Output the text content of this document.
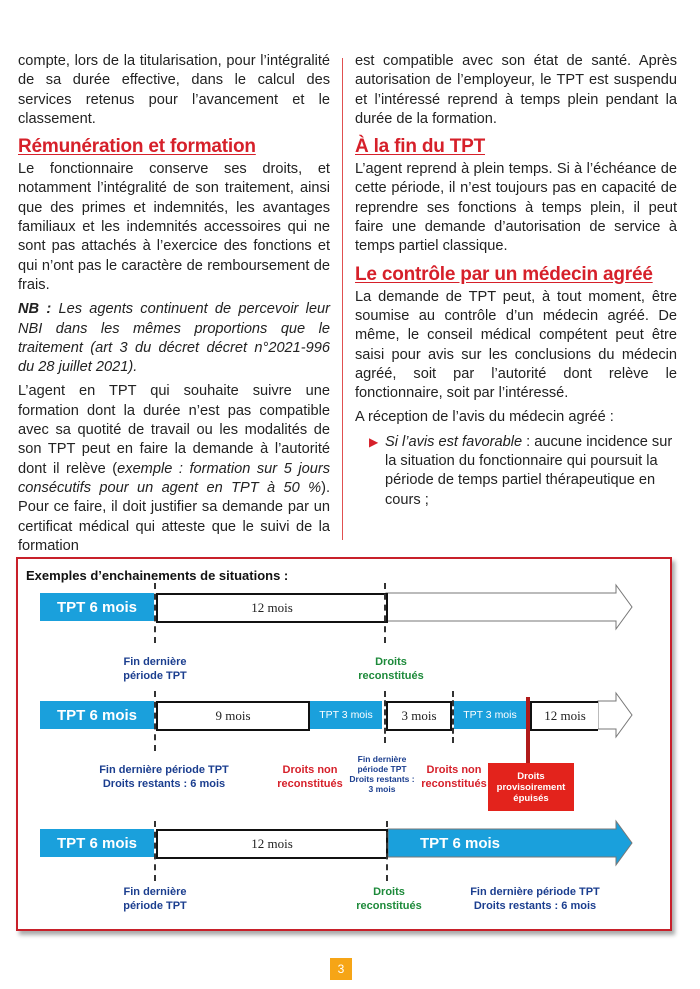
compte, lors de la titularisation, pour l’intégralité de sa durée effective, dans le calcul des services retenus pour l’avancement et le classement.

Rémunération et formation

Le fonctionnaire conserve ses droits, et notamment l’intégralité de son traitement, ainsi que des primes et indemnités, les avantages familiaux et les indemnités accessoires qui ne sont pas attachés à l’exercice des fonctions et qui n’ont pas le caractère de remboursement de frais.

NB : Les agents continuent de percevoir leur NBI dans les mêmes proportions que le traitement (art 3 du décret décret n°2021-996 du 28 juillet 2021).

L’agent en TPT qui souhaite suivre une formation dont la durée n’est pas compatible avec sa quotité de travail ou les modalités de son TPT peut en faire la demande à l’autorité dont il relève (exemple : formation sur 5 jours consécutifs pour un agent en TPT à 50 %). Pour ce faire, il doit justifier sa demande par un certificat médical qui atteste que le suivi de la formation

est compatible avec son état de santé. Après autorisation de l’employeur, le TPT est suspendu et l’intéressé reprend à temps plein pendant la durée de la formation.

À la fin du TPT

L’agent reprend à plein temps. Si à l’échéance de cette période, il n’est toujours pas en capacité de reprendre ses fonctions à temps plein, il peut faire une demande d’autorisation de service à temps partiel classique.

Le contrôle par un médecin agréé

La demande de TPT peut, à tout moment, être soumise au contrôle d’un médecin agréé. De même, le conseil médical compétent peut être saisi pour avis sur les conclusions du médecin agréé, soit par l’autorité dont relève le fonctionnaire, soit par l’intéressé.

A réception de l’avis du médecin agréé :

▶ Si l’avis est favorable : aucune incidence sur la situation du fonctionnaire qui poursuit la période de temps partiel thérapeutique en cours ;

Exemples d’enchainements de situations :
TPT 6 mois	12 mois
Fin dernière
période TPT
Droits
reconstitués
TPT 6 mois	9 mois	TPT 3 mois	3 mois	TPT 3 mois	12 mois
Fin dernière période TPT
Droits restants : 6 mois
Droits non
reconstitués
Fin dernière
période TPT
Droits restants :
3 mois
Droits non
reconstitués
Droits
provisoirement
épuisés
TPT 6 mois	12 mois	TPT 6 mois
Fin dernière
période TPT
Droits
reconstitués
Fin dernière période TPT
Droits restants : 6 mois
3
